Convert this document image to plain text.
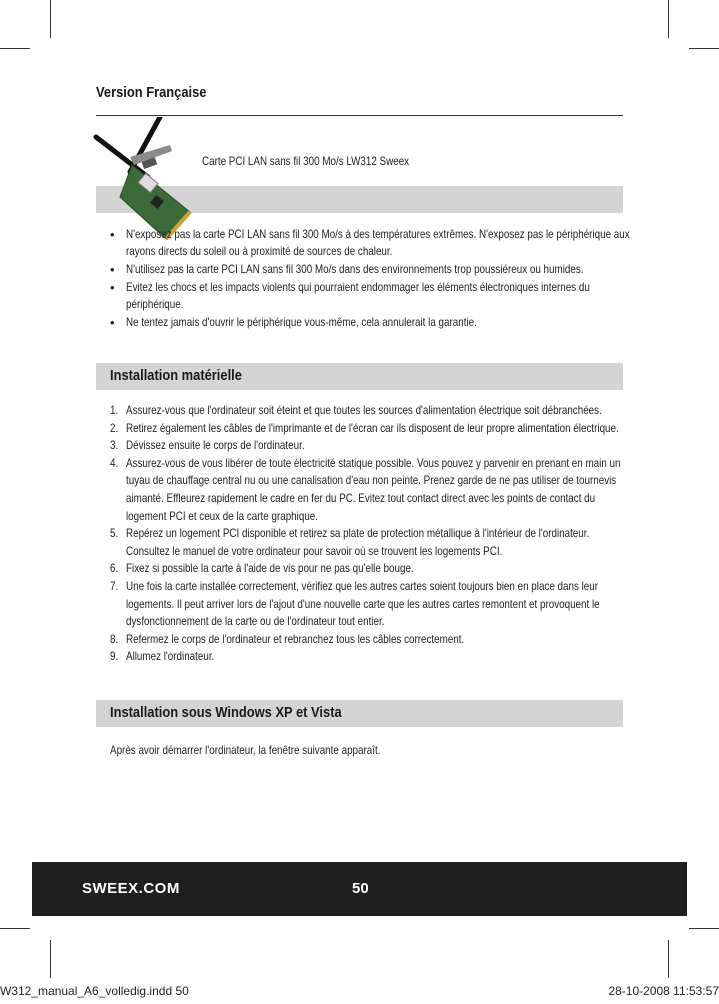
Version Française
Carte PCI LAN sans fil 300 Mo/s LW312 Sweex
• N'exposez pas la carte PCI LAN sans fil 300 Mo/s à des températures extrêmes. N'exposez pas le périphérique aux rayons directs du soleil ou à proximité de sources de chaleur.
• N'utilisez pas la carte PCI LAN sans fil 300 Mo/s dans des environnements trop poussiéreux ou humides.
• Evitez les chocs et les impacts violents qui pourraient endommager les éléments électroniques internes du périphérique.
• Ne tentez jamais d'ouvrir le périphérique vous-même, cela annulerait la garantie.
Installation matérielle
1. Assurez-vous que l'ordinateur soit éteint et que toutes les sources d'alimentation électrique soit débranchées.
2. Retirez également les câbles de l'imprimante et de l'écran car ils disposent de leur propre alimentation électrique.
3. Dévissez ensuite le corps de l'ordinateur.
4. Assurez-vous de vous libérer de toute électricité statique possible. Vous pouvez y parvenir en prenant en main un tuyau de chauffage central nu ou une canalisation d'eau non peinte. Prenez garde de ne pas utiliser de tournevis aimanté. Effleurez rapidement le cadre en fer du PC. Evitez tout contact direct avec les points de contact du logement PCI et ceux de la carte graphique.
5. Repérez un logement PCI disponible et retirez sa plate de protection métallique à l'intérieur de l'ordinateur. Consultez le manuel de votre ordinateur pour savoir où se trouvent les logements PCI.
6. Fixez si possible la carte à l'aide de vis pour ne pas qu'elle bouge.
7. Une fois la carte installée correctement, vérifiez que les autres cartes soient toujours bien en place dans leur logements. Il peut arriver lors de l'ajout d'une nouvelle carte que les autres cartes remontent et provoquent le dysfonctionnement de la carte ou de l'ordinateur tout entier.
8. Refermez le corps de l'ordinateur et rebranchez tous les câbles correctement.
9. Allumez l'ordinateur.
Installation sous Windows XP et Vista
Après avoir démarrer l'ordinateur, la fenêtre suivante apparaît.
SWEEX.COM	50
W312_manual_A6_volledig.indd 50	28-10-2008 11:53:57
